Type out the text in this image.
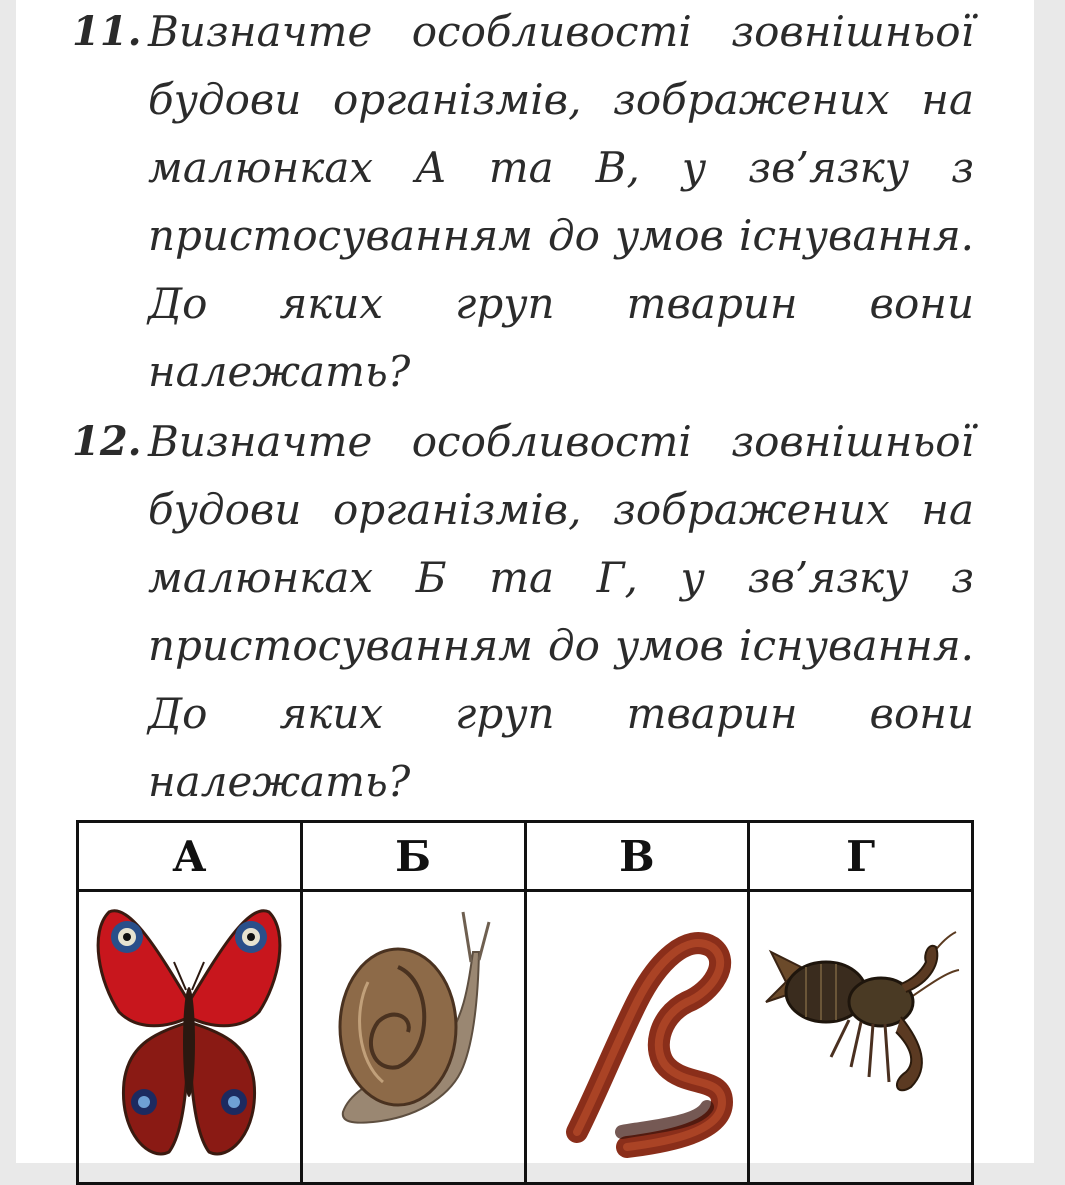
11. Визначте особливості зовнішньої будови організмів, зображених на малюнках А та В, у зв’язку з пристосуванням до умов існування. До яких груп тварин вони належать?

12. Визначте особливості зовнішньої будови організмів, зображених на малюнках Б та Г, у зв’язку з пристосуванням до умов існування. До яких груп тварин вони належать?

А	Б	В	Г
